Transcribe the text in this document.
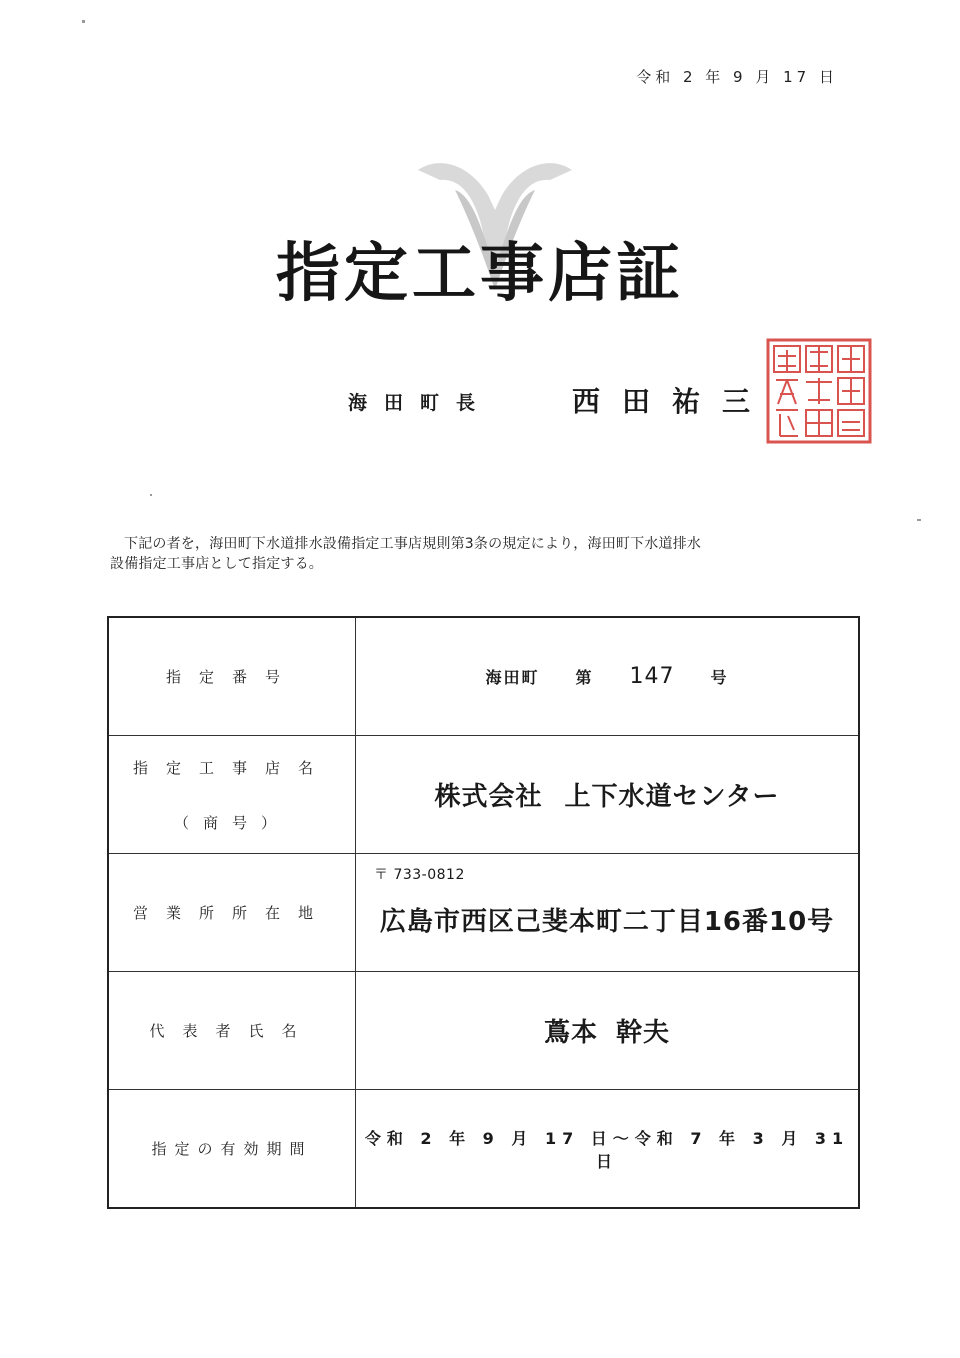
令和 2 年 9 月 17 日
指定工事店証
海田町長	西田祐三
下記の者を，海田町下水道排水設備指定工事店規則第3条の規定により，海田町下水道排水
設備指定工事店として指定する。
指定番号	海田町 第 147 号

指定工事店名
（商号）	株式会社 上下水道センター
営業所所在地	〒 733-0812
広島市西区己斐本町二丁目16番10号

代表者氏名	蔦本 幹夫
指定の有効期間	令和 2 年 9 月 17 日～令和 7 年 3 月 31 日
